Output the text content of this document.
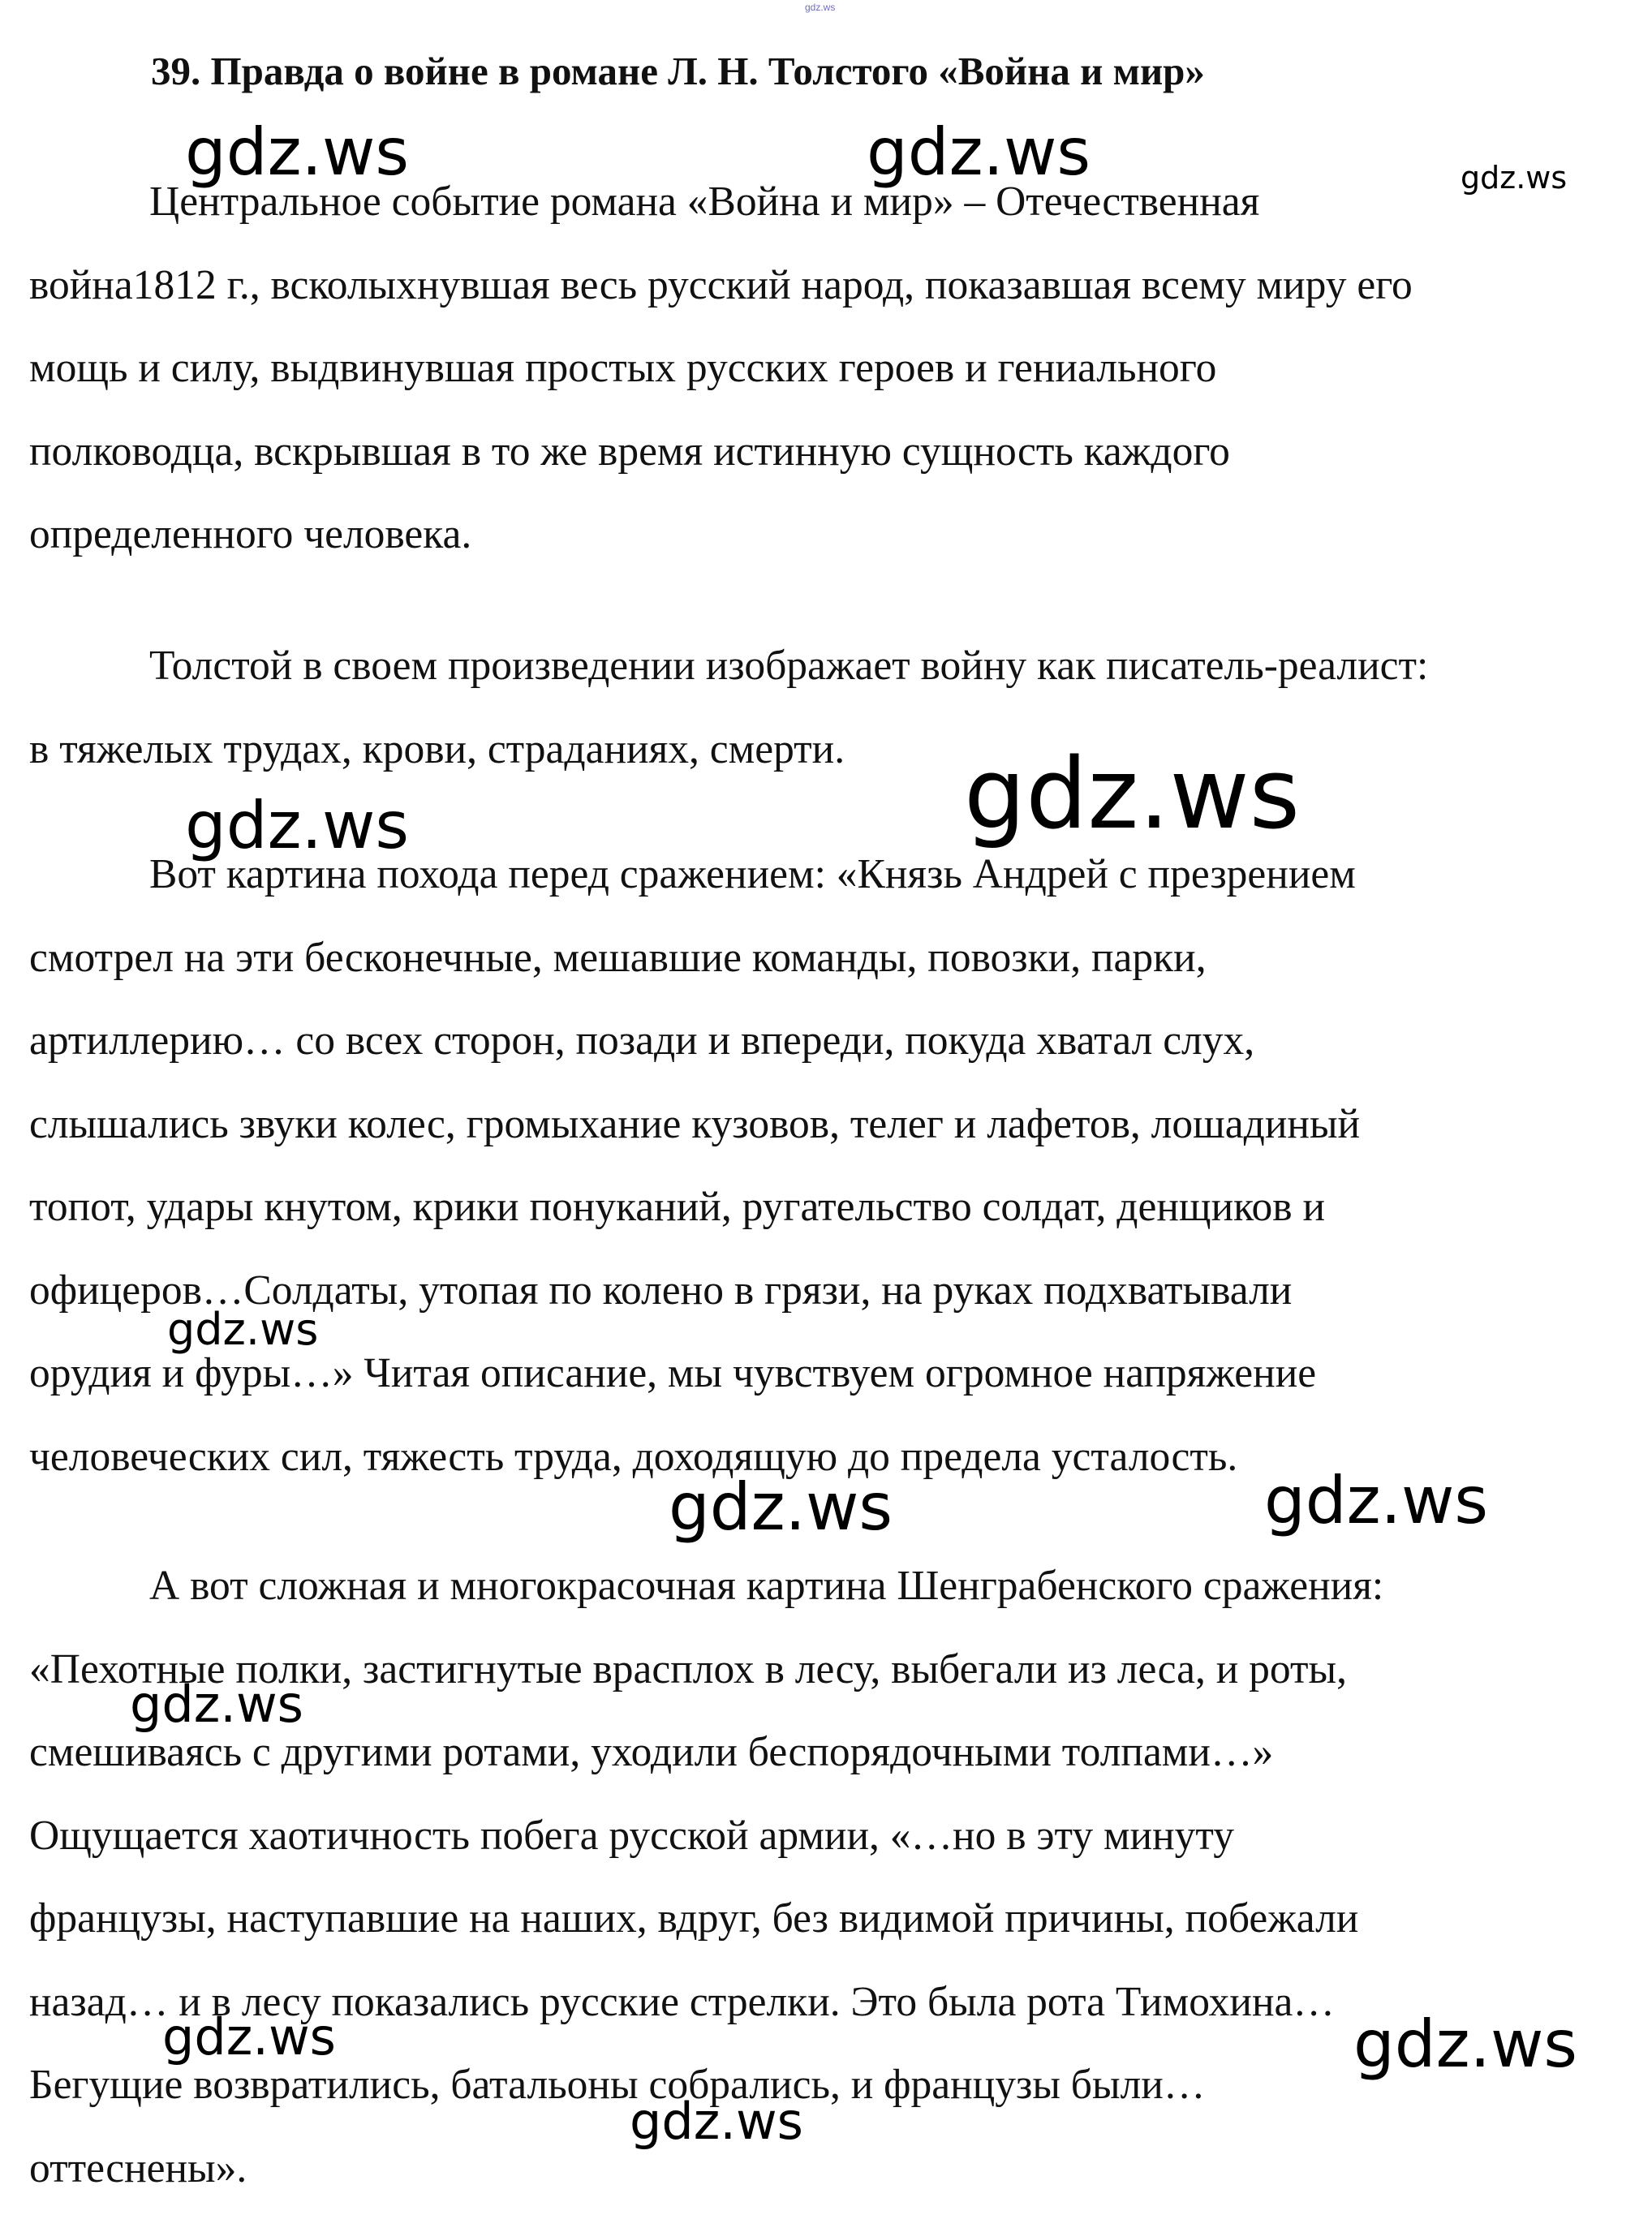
gdz.ws
39. Правда о войне в романе Л. Н. Толстого «Война и мир»

Центральное событие романа «Война и мир» – Отечественная
война1812 г., всколыхнувшая весь русский народ, показавшая всему миру его
мощь и силу, выдвинувшая простых русских героев и гениального
полководца, вскрывшая в то же время истинную сущность каждого
определенного человека.

Толстой в своем произведении изображает войну как писатель-реалист:
в тяжелых трудах, крови, страданиях, смерти.

Вот картина похода перед сражением: «Князь Андрей с презрением
смотрел на эти бесконечные, мешавшие команды, повозки, парки,
артиллерию… со всех сторон, позади и впереди, покуда хватал слух,
слышались звуки колес, громыхание кузовов, телег и лафетов, лошадиный
топот, удары кнутом, крики понуканий, ругательство солдат, денщиков и
офицеров…Солдаты, утопая по колено в грязи, на руках подхватывали
орудия и фуры…» Читая описание, мы чувствуем огромное напряжение
человеческих сил, тяжесть труда, доходящую до предела усталость.

А вот сложная и многокрасочная картина Шенграбенского сражения:
«Пехотные полки, застигнутые врасплох в лесу, выбегали из леса, и роты,
смешиваясь с другими ротами, уходили беспорядочными толпами…»
Ощущается хаотичность побега русской армии, «…но в эту минуту
французы, наступавшие на наших, вдруг, без видимой причины, побежали
назад… и в лесу показались русские стрелки. Это была рота Тимохина…
Бегущие возвратились, батальоны собрались, и французы были…
оттеснены».

gdz.ws	gdz.ws	gdz.ws
gdz.ws
gdz.ws
gdz.ws
gdz.ws	gdz.ws
gdz.ws
gdz.ws	gdz.ws
gdz.ws
